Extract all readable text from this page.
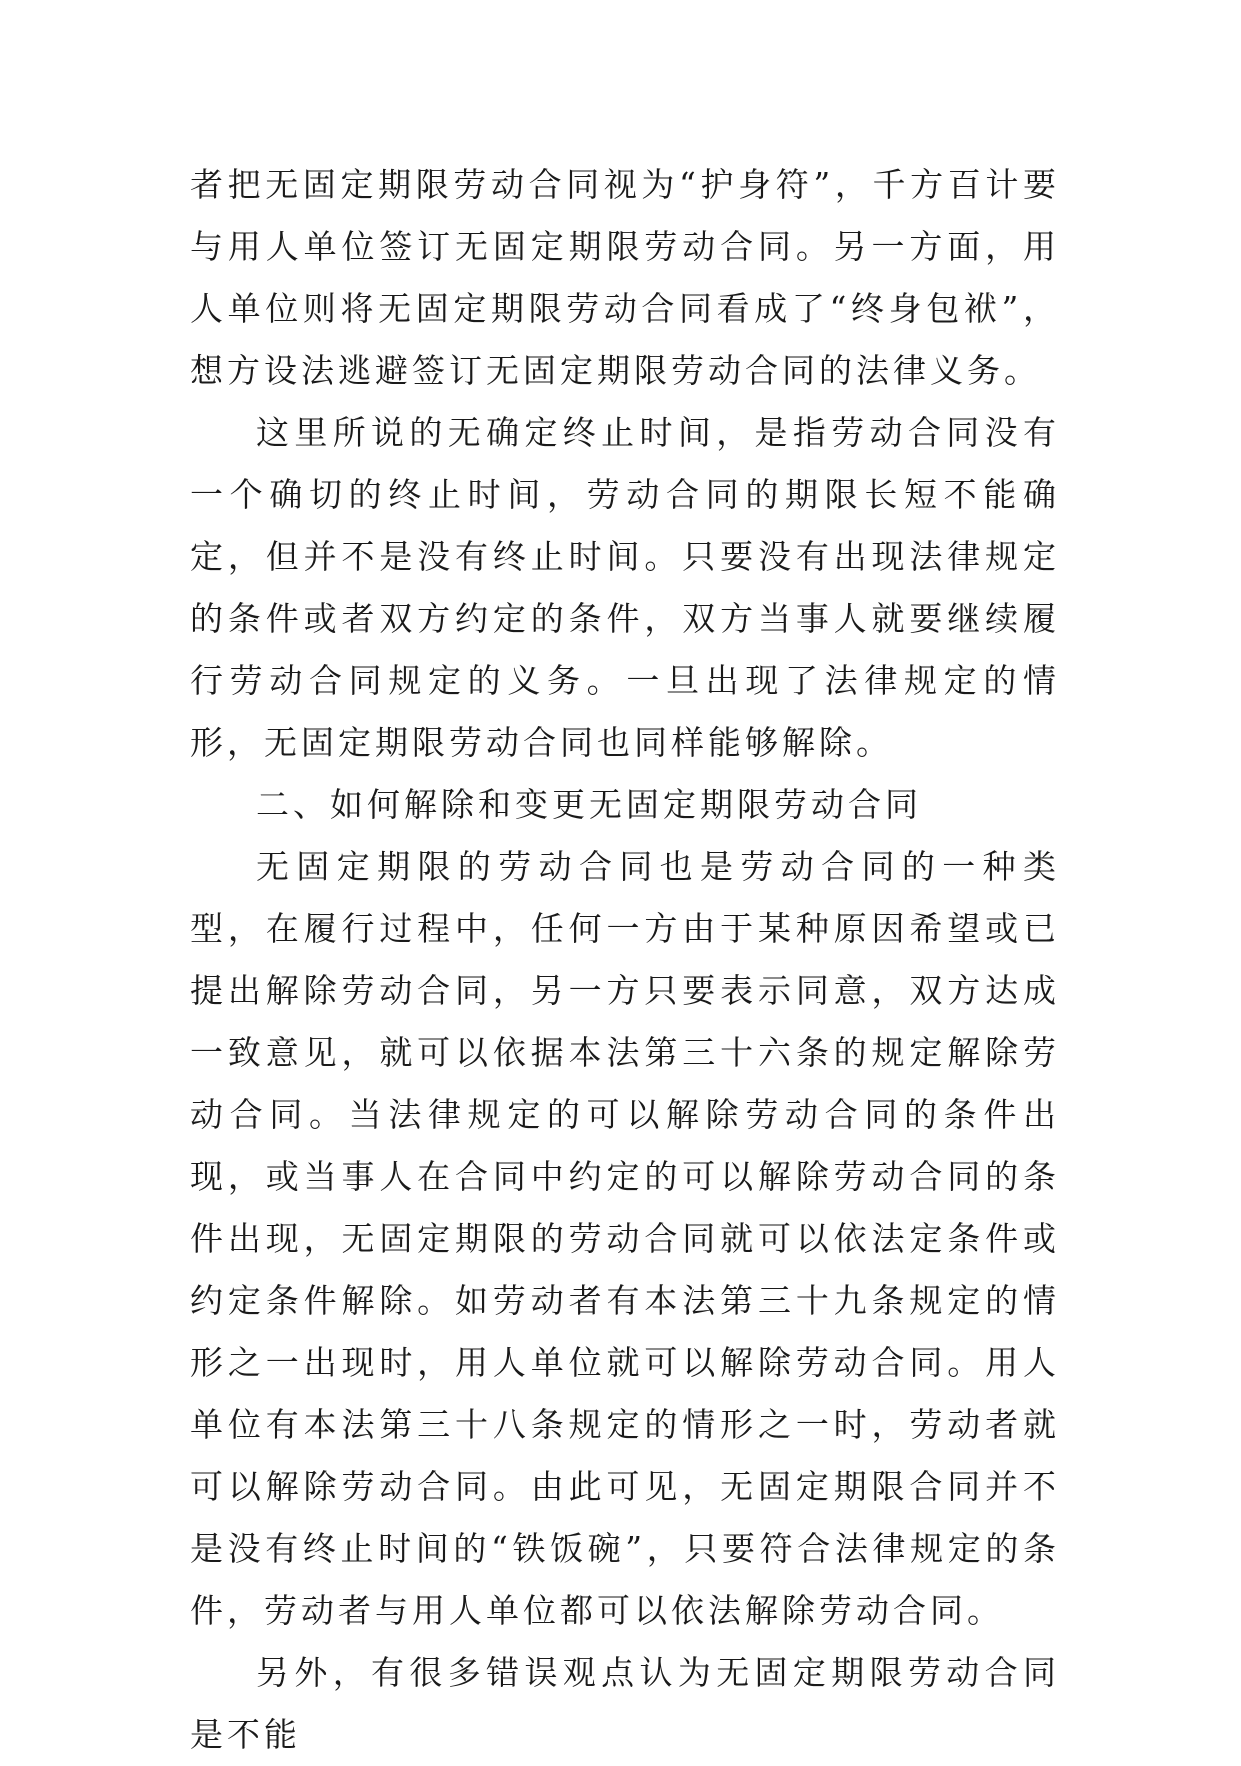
者把无固定期限劳动合同视为“护身符”，千方百计要与用人单位签订无固定期限劳动合同。另一方面，用人单位则将无固定期限劳动合同看成了“终身包袱”，想方设法逃避签订无固定期限劳动合同的法律义务。

这里所说的无确定终止时间，是指劳动合同没有一个确切的终止时间，劳动合同的期限长短不能确定，但并不是没有终止时间。只要没有出现法律规定的条件或者双方约定的条件，双方当事人就要继续履行劳动合同规定的义务。一旦出现了法律规定的情形，无固定期限劳动合同也同样能够解除。

二、如何解除和变更无固定期限劳动合同

无固定期限的劳动合同也是劳动合同的一种类型，在履行过程中，任何一方由于某种原因希望或已提出解除劳动合同，另一方只要表示同意，双方达成一致意见，就可以依据本法第三十六条的规定解除劳动合同。当法律规定的可以解除劳动合同的条件出现，或当事人在合同中约定的可以解除劳动合同的条件出现，无固定期限的劳动合同就可以依法定条件或约定条件解除。如劳动者有本法第三十九条规定的情形之一出现时，用人单位就可以解除劳动合同。用人单位有本法第三十八条规定的情形之一时，劳动者就可以解除劳动合同。由此可见，无固定期限合同并不是没有终止时间的“铁饭碗”，只要符合法律规定的条件，劳动者与用人单位都可以依法解除劳动合同。

另外，有很多错误观点认为无固定期限劳动合同是不能
